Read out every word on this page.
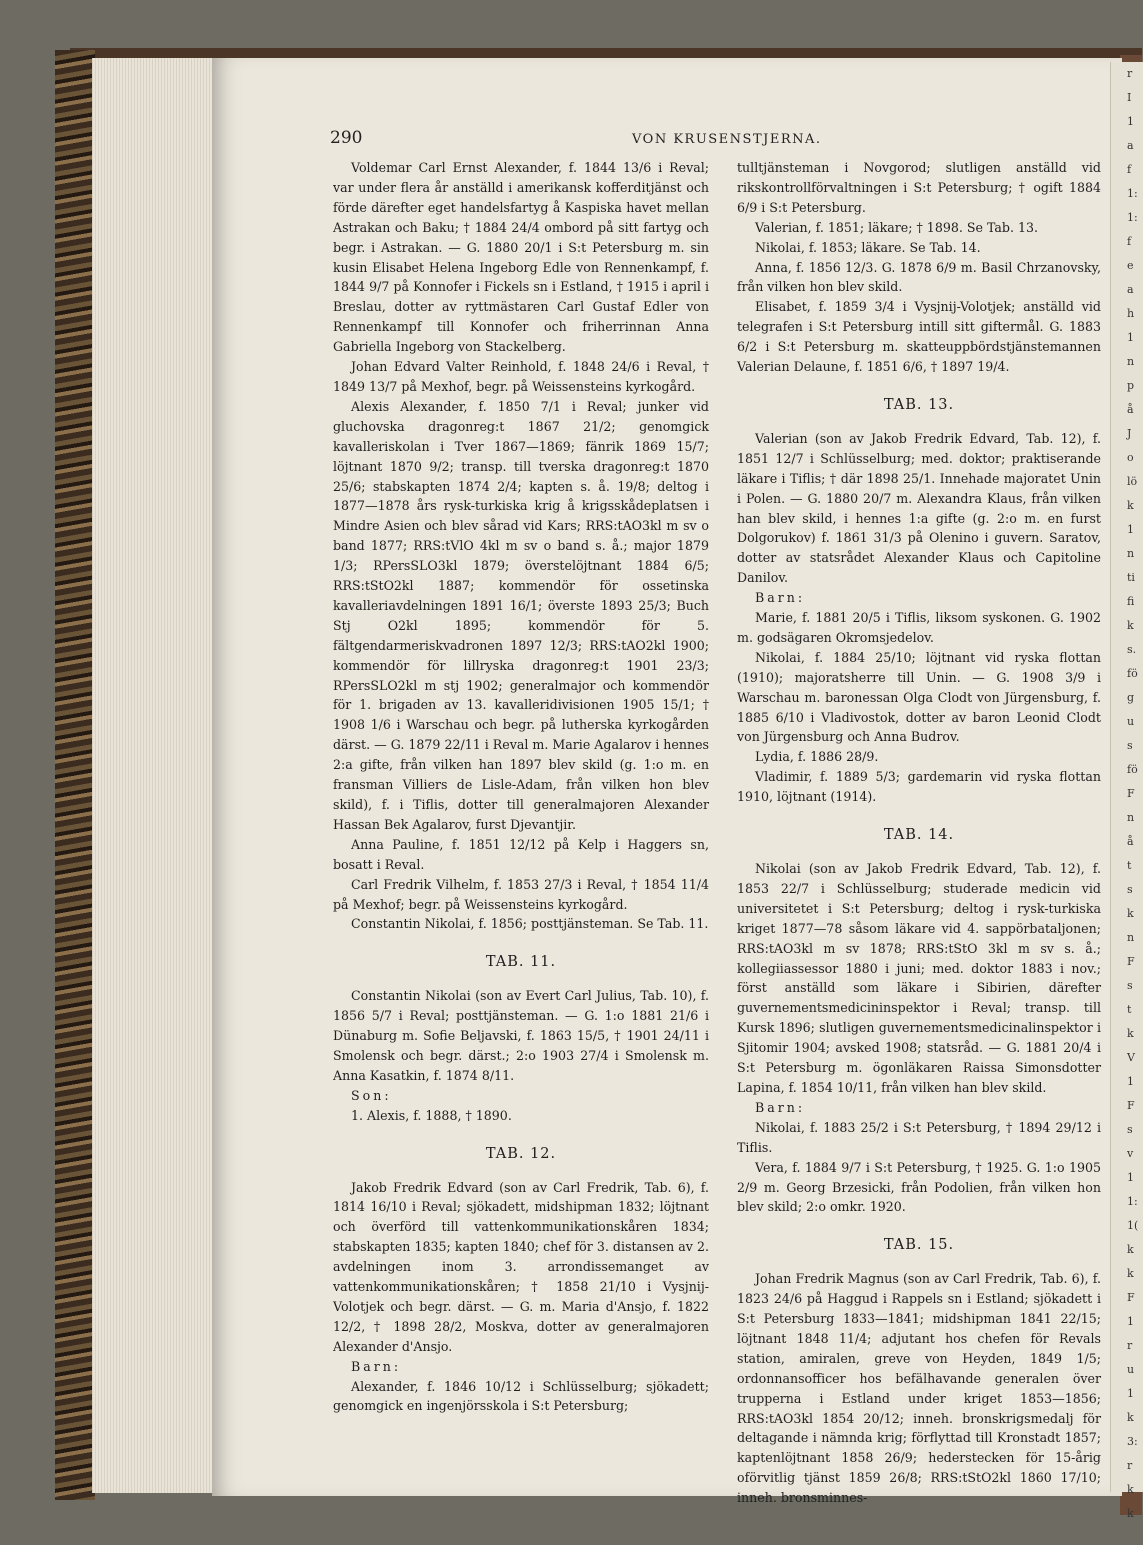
r
I
1
a
f
1:
1:
f
e
a
h
1
n
p
å
J
o
lö
k
1
n
ti
fi
k
s.
fö
g
u
s
fö
F
n
å
t
s
k
n
F
s
t
k
V
1
F
s
v
1
1:
1(
k
k
F
1
r
u
1
k
3:
r
k
k
290	VON KRUSENSTJERNA.

Voldemar Carl Ernst Alexander, f. 1844 13/6 i Reval; var under flera år anställd i amerikansk kofferditjänst och förde därefter eget handelsfartyg å Kaspiska havet mellan Astrakan och Baku; † 1884 24/4 ombord på sitt fartyg och begr. i Astrakan. — G. 1880 20/1 i S:t Petersburg m. sin kusin Elisabet Helena Ingeborg Edle von Rennenkampf, f. 1844 9/7 på Konnofer i Fickels sn i Estland, † 1915 i april i Breslau, dotter av ryttmästaren Carl Gustaf Edler von Rennenkampf till Konnofer och friherrinnan Anna Gabriella Ingeborg von Stackelberg.

Johan Edvard Valter Reinhold, f. 1848 24/6 i Reval, † 1849 13/7 på Mexhof, begr. på Weissensteins kyrkogård.

Alexis Alexander, f. 1850 7/1 i Reval; junker vid gluchovska dragonreg:t 1867 21/2; genomgick kavalleriskolan i Tver 1867—1869; fänrik 1869 15/7; löjtnant 1870 9/2; transp. till tverska dragonreg:t 1870 25/6; stabskapten 1874 2/4; kapten s. å. 19/8; deltog i 1877—1878 års rysk-turkiska krig å krigsskådeplatsen i Mindre Asien och blev sårad vid Kars; RRS:tAO3kl m sv o band 1877; RRS:tVlO 4kl m sv o band s. å.; major 1879 1/3; RPersSLO3kl 1879; överstelöjtnant 1884 6/5; RRS:tStO2kl 1887; kommendör för ossetinska kavalleriavdelningen 1891 16/1; överste 1893 25/3; Buch Stj O2kl 1895; kommendör för 5. fältgendarmeriskvadronen 1897 12/3; RRS:tAO2kl 1900; kommendör för lillryska dragonreg:t 1901 23/3; RPersSLO2kl m stj 1902; generalmajor och kommendör för 1. brigaden av 13. kavalleridivisionen 1905 15/1; † 1908 1/6 i Warschau och begr. på lutherska kyrkogården därst. — G. 1879 22/11 i Reval m. Marie Agalarov i hennes 2:a gifte, från vilken han 1897 blev skild (g. 1:o m. en fransman Villiers de Lisle-Adam, från vilken hon blev skild), f. i Tiflis, dotter till generalmajoren Alexander Hassan Bek Agalarov, furst Djevantjir.

Anna Pauline, f. 1851 12/12 på Kelp i Haggers sn, bosatt i Reval.

Carl Fredrik Vilhelm, f. 1853 27/3 i Reval, † 1854 11/4 på Mexhof; begr. på Weissensteins kyrkogård.

Constantin Nikolai, f. 1856; posttjänsteman. Se Tab. 11.

TAB. 11.

Constantin Nikolai (son av Evert Carl Julius, Tab. 10), f. 1856 5/7 i Reval; posttjänsteman. — G. 1:o 1881 21/6 i Dünaburg m. Sofie Beljavski, f. 1863 15/5, † 1901 24/11 i Smolensk och begr. därst.; 2:o 1903 27/4 i Smolensk m. Anna Kasatkin, f. 1874 8/11.

Son:

1. Alexis, f. 1888, † 1890.

TAB. 12.

Jakob Fredrik Edvard (son av Carl Fredrik, Tab. 6), f. 1814 16/10 i Reval; sjökadett, midshipman 1832; löjtnant och överförd till vattenkommunikationskåren 1834; stabskapten 1835; kapten 1840; chef för 3. distansen av 2. avdelningen inom 3. arrondissemanget av vattenkommunikationskåren; † 1858 21/10 i Vysjnij-Volotjek och begr. därst. — G. m. Maria d'Ansjo, f. 1822 12/2, † 1898 28/2, Moskva, dotter av generalmajoren Alexander d'Ansjo.

Barn:

Alexander, f. 1846 10/12 i Schlüsselburg; sjökadett; genomgick en ingenjörsskola i S:t Petersburg;

tulltjänsteman i Novgorod; slutligen anställd vid rikskontrollförvaltningen i S:t Petersburg; † ogift 1884 6/9 i S:t Petersburg.

Valerian, f. 1851; läkare; † 1898. Se Tab. 13.

Nikolai, f. 1853; läkare. Se Tab. 14.

Anna, f. 1856 12/3. G. 1878 6/9 m. Basil Chrzanovsky, från vilken hon blev skild.

Elisabet, f. 1859 3/4 i Vysjnij-Volotjek; anställd vid telegrafen i S:t Petersburg intill sitt giftermål. G. 1883 6/2 i S:t Petersburg m. skatteuppbördstjänstemannen Valerian Delaune, f. 1851 6/6, † 1897 19/4.

TAB. 13.

Valerian (son av Jakob Fredrik Edvard, Tab. 12), f. 1851 12/7 i Schlüsselburg; med. doktor; praktiserande läkare i Tiflis; † där 1898 25/1. Innehade majoratet Unin i Polen. — G. 1880 20/7 m. Alexandra Klaus, från vilken han blev skild, i hennes 1:a gifte (g. 2:o m. en furst Dolgorukov) f. 1861 31/3 på Olenino i guvern. Saratov, dotter av statsrådet Alexander Klaus och Capitoline Danilov.

Barn:

Marie, f. 1881 20/5 i Tiflis, liksom syskonen. G. 1902 m. godsägaren Okromsjedelov.

Nikolai, f. 1884 25/10; löjtnant vid ryska flottan (1910); majoratsherre till Unin. — G. 1908 3/9 i Warschau m. baronessan Olga Clodt von Jürgensburg, f. 1885 6/10 i Vladivostok, dotter av baron Leonid Clodt von Jürgensburg och Anna Budrov.

Lydia, f. 1886 28/9.

Vladimir, f. 1889 5/3; gardemarin vid ryska flottan 1910, löjtnant (1914).

TAB. 14.

Nikolai (son av Jakob Fredrik Edvard, Tab. 12), f. 1853 22/7 i Schlüsselburg; studerade medicin vid universitetet i S:t Petersburg; deltog i rysk-turkiska kriget 1877—78 såsom läkare vid 4. sappörbataljonen; RRS:tAO3kl m sv 1878; RRS:tStO 3kl m sv s. å.; kollegiiassessor 1880 i juni; med. doktor 1883 i nov.; först anställd som läkare i Sibirien, därefter guvernementsmedicininspektor i Reval; transp. till Kursk 1896; slutligen guvernementsmedicinalinspektor i Sjitomir 1904; avsked 1908; statsråd. — G. 1881 20/4 i S:t Petersburg m. ögonläkaren Raissa Simonsdotter Lapina, f. 1854 10/11, från vilken han blev skild.

Barn:

Nikolai, f. 1883 25/2 i S:t Petersburg, † 1894 29/12 i Tiflis.

Vera, f. 1884 9/7 i S:t Petersburg, † 1925. G. 1:o 1905 2/9 m. Georg Brzesicki, från Podolien, från vilken hon blev skild; 2:o omkr. 1920.

TAB. 15.

Johan Fredrik Magnus (son av Carl Fredrik, Tab. 6), f. 1823 24/6 på Haggud i Rappels sn i Estland; sjökadett i S:t Petersburg 1833—1841; midshipman 1841 22/15; löjtnant 1848 11/4; adjutant hos chefen för Revals station, amiralen, greve von Heyden, 1849 1/5; ordonnansofficer hos befälhavande generalen över trupperna i Estland under kriget 1853—1856; RRS:tAO3kl 1854 20/12; inneh. bronskrigsmedalj för deltagande i nämnda krig; förflyttad till Kronstadt 1857; kaptenlöjtnant 1858 26/9; hederstecken för 15-årig oförvitlig tjänst 1859 26/8; RRS:tStO2kl 1860 17/10; inneh. bronsminnes-
